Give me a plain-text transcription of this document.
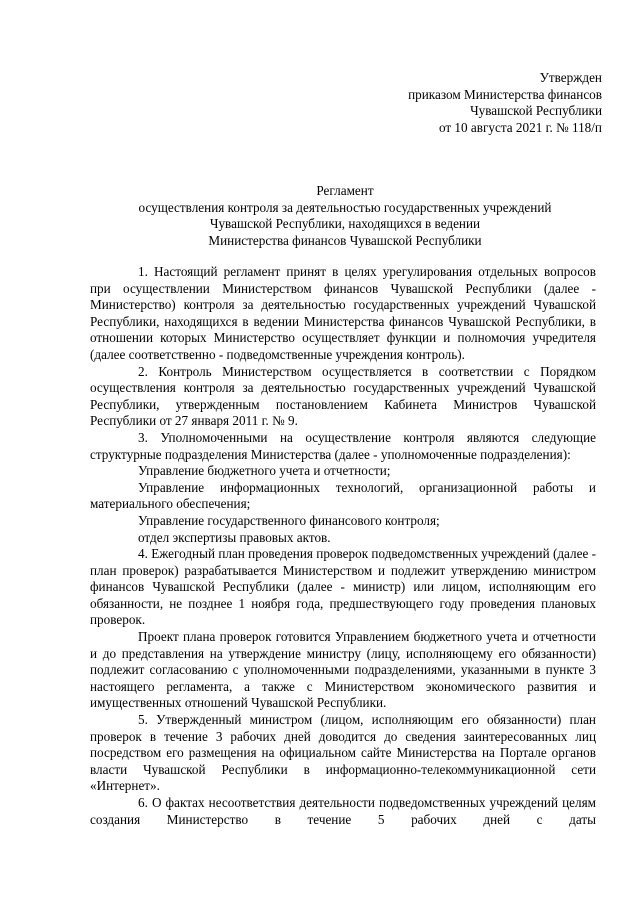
Утвержден
приказом Министерства финансов
Чувашской Республики
от 10 августа 2021 г. № 118/п
Регламент
осуществления контроля за деятельностью государственных учреждений
Чувашской Республики, находящихся в ведении
Министерства финансов Чувашской Республики

1. Настоящий регламент принят в целях урегулирования отдельных вопросов при осуществлении Министерством финансов Чувашской Республики (далее - Министерство) контроля за деятельностью государственных учреждений Чувашской Республики, находящихся в ведении Министерства финансов Чувашской Республики, в отношении которых Министерство осуществляет функции и полномочия учредителя (далее соответственно - подведомственные учреждения контроль).

2. Контроль Министерством осуществляется в соответствии с Порядком осуществления контроля за деятельностью государственных учреждений Чувашской Республики, утвержденным постановлением Кабинета Министров Чувашской Республики от 27 января 2011 г. № 9.

3. Уполномоченными на осуществление контроля являются следующие структурные подразделения Министерства (далее - уполномоченные подразделения):

Управление бюджетного учета и отчетности;

Управление информационных технологий, организационной работы и материального обеспечения;

Управление государственного финансового контроля;

отдел экспертизы правовых актов.

4. Ежегодный план проведения проверок подведомственных учреждений (далее - план проверок) разрабатывается Министерством и подлежит утверждению министром финансов Чувашской Республики (далее - министр) или лицом, исполняющим его обязанности, не позднее 1 ноября года, предшествующего году проведения плановых проверок.

Проект плана проверок готовится Управлением бюджетного учета и отчетности и до представления на утверждение министру (лицу, исполняющему его обязанности) подлежит согласованию с уполномоченными подразделениями, указанными в пункте 3 настоящего регламента, а также с Министерством экономического развития и имущественных отношений Чувашской Республики.

5. Утвержденный министром (лицом, исполняющим его обязанности) план проверок в течение 3 рабочих дней доводится до сведения заинтересованных лиц посредством его размещения на официальном сайте Министерства на Портале органов власти Чувашской Республики в информационно-телекоммуникационной сети «Интернет».

6. О фактах несоответствия деятельности подведомственных учреждений целям создания Министерство в течение 5 рабочих дней с даты
